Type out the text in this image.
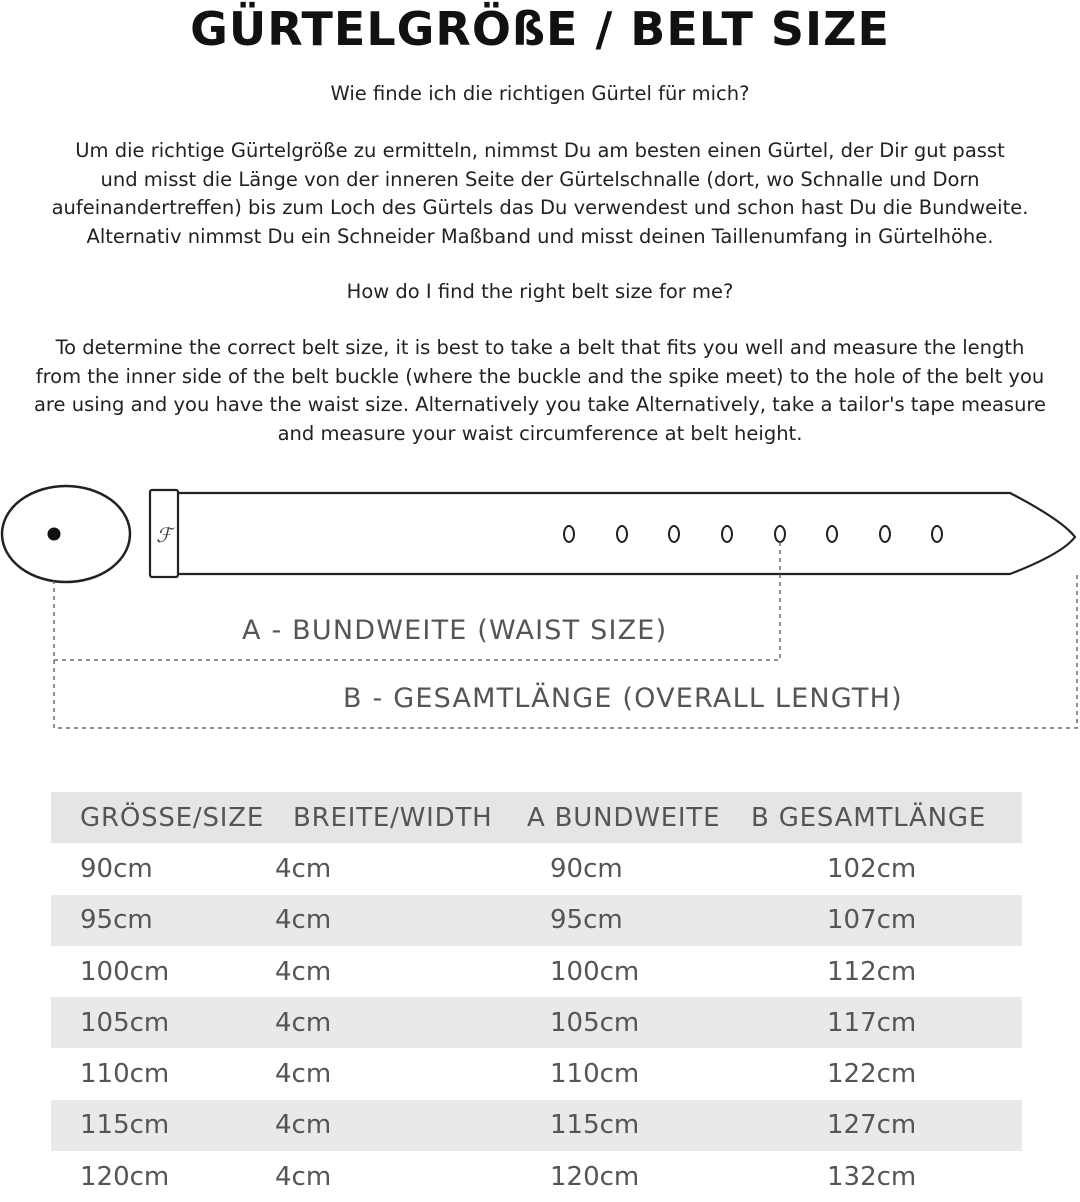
GÜRTELGRÖßE / BELT SIZE
Wie finde ich die richtigen Gürtel für mich?
Um die richtige Gürtelgröße zu ermitteln, nimmst Du am besten einen Gürtel, der Dir gut passt
und misst die Länge von der inneren Seite der Gürtelschnalle (dort, wo Schnalle und Dorn
aufeinandertreffen) bis zum Loch des Gürtels das Du verwendest und schon hast Du die Bundweite.
Alternativ nimmst Du ein Schneider Maßband und misst deinen Taillenumfang in Gürtelhöhe.
How do I find the right belt size for me?
To determine the correct belt size, it is best to take a belt that fits you well and measure the length
from the inner side of the belt buckle (where the buckle and the spike meet) to the hole of the belt you
are using and you have the waist size. Alternatively you take Alternatively, take a tailor's tape measure
and measure your waist circumference at belt height.
ℱ
A - BUNDWEITE (WAIST SIZE)
B - GESAMTLÄNGE (OVERALL LENGTH)
GRÖSSE/SIZE	BREITE/WIDTH	A BUNDWEITE	B GESAMTLÄNGE
90cm	4cm	90cm	102cm
95cm	4cm	95cm	107cm
100cm	4cm	100cm	112cm
105cm	4cm	105cm	117cm
110cm	4cm	110cm	122cm
115cm	4cm	115cm	127cm
120cm	4cm	120cm	132cm
